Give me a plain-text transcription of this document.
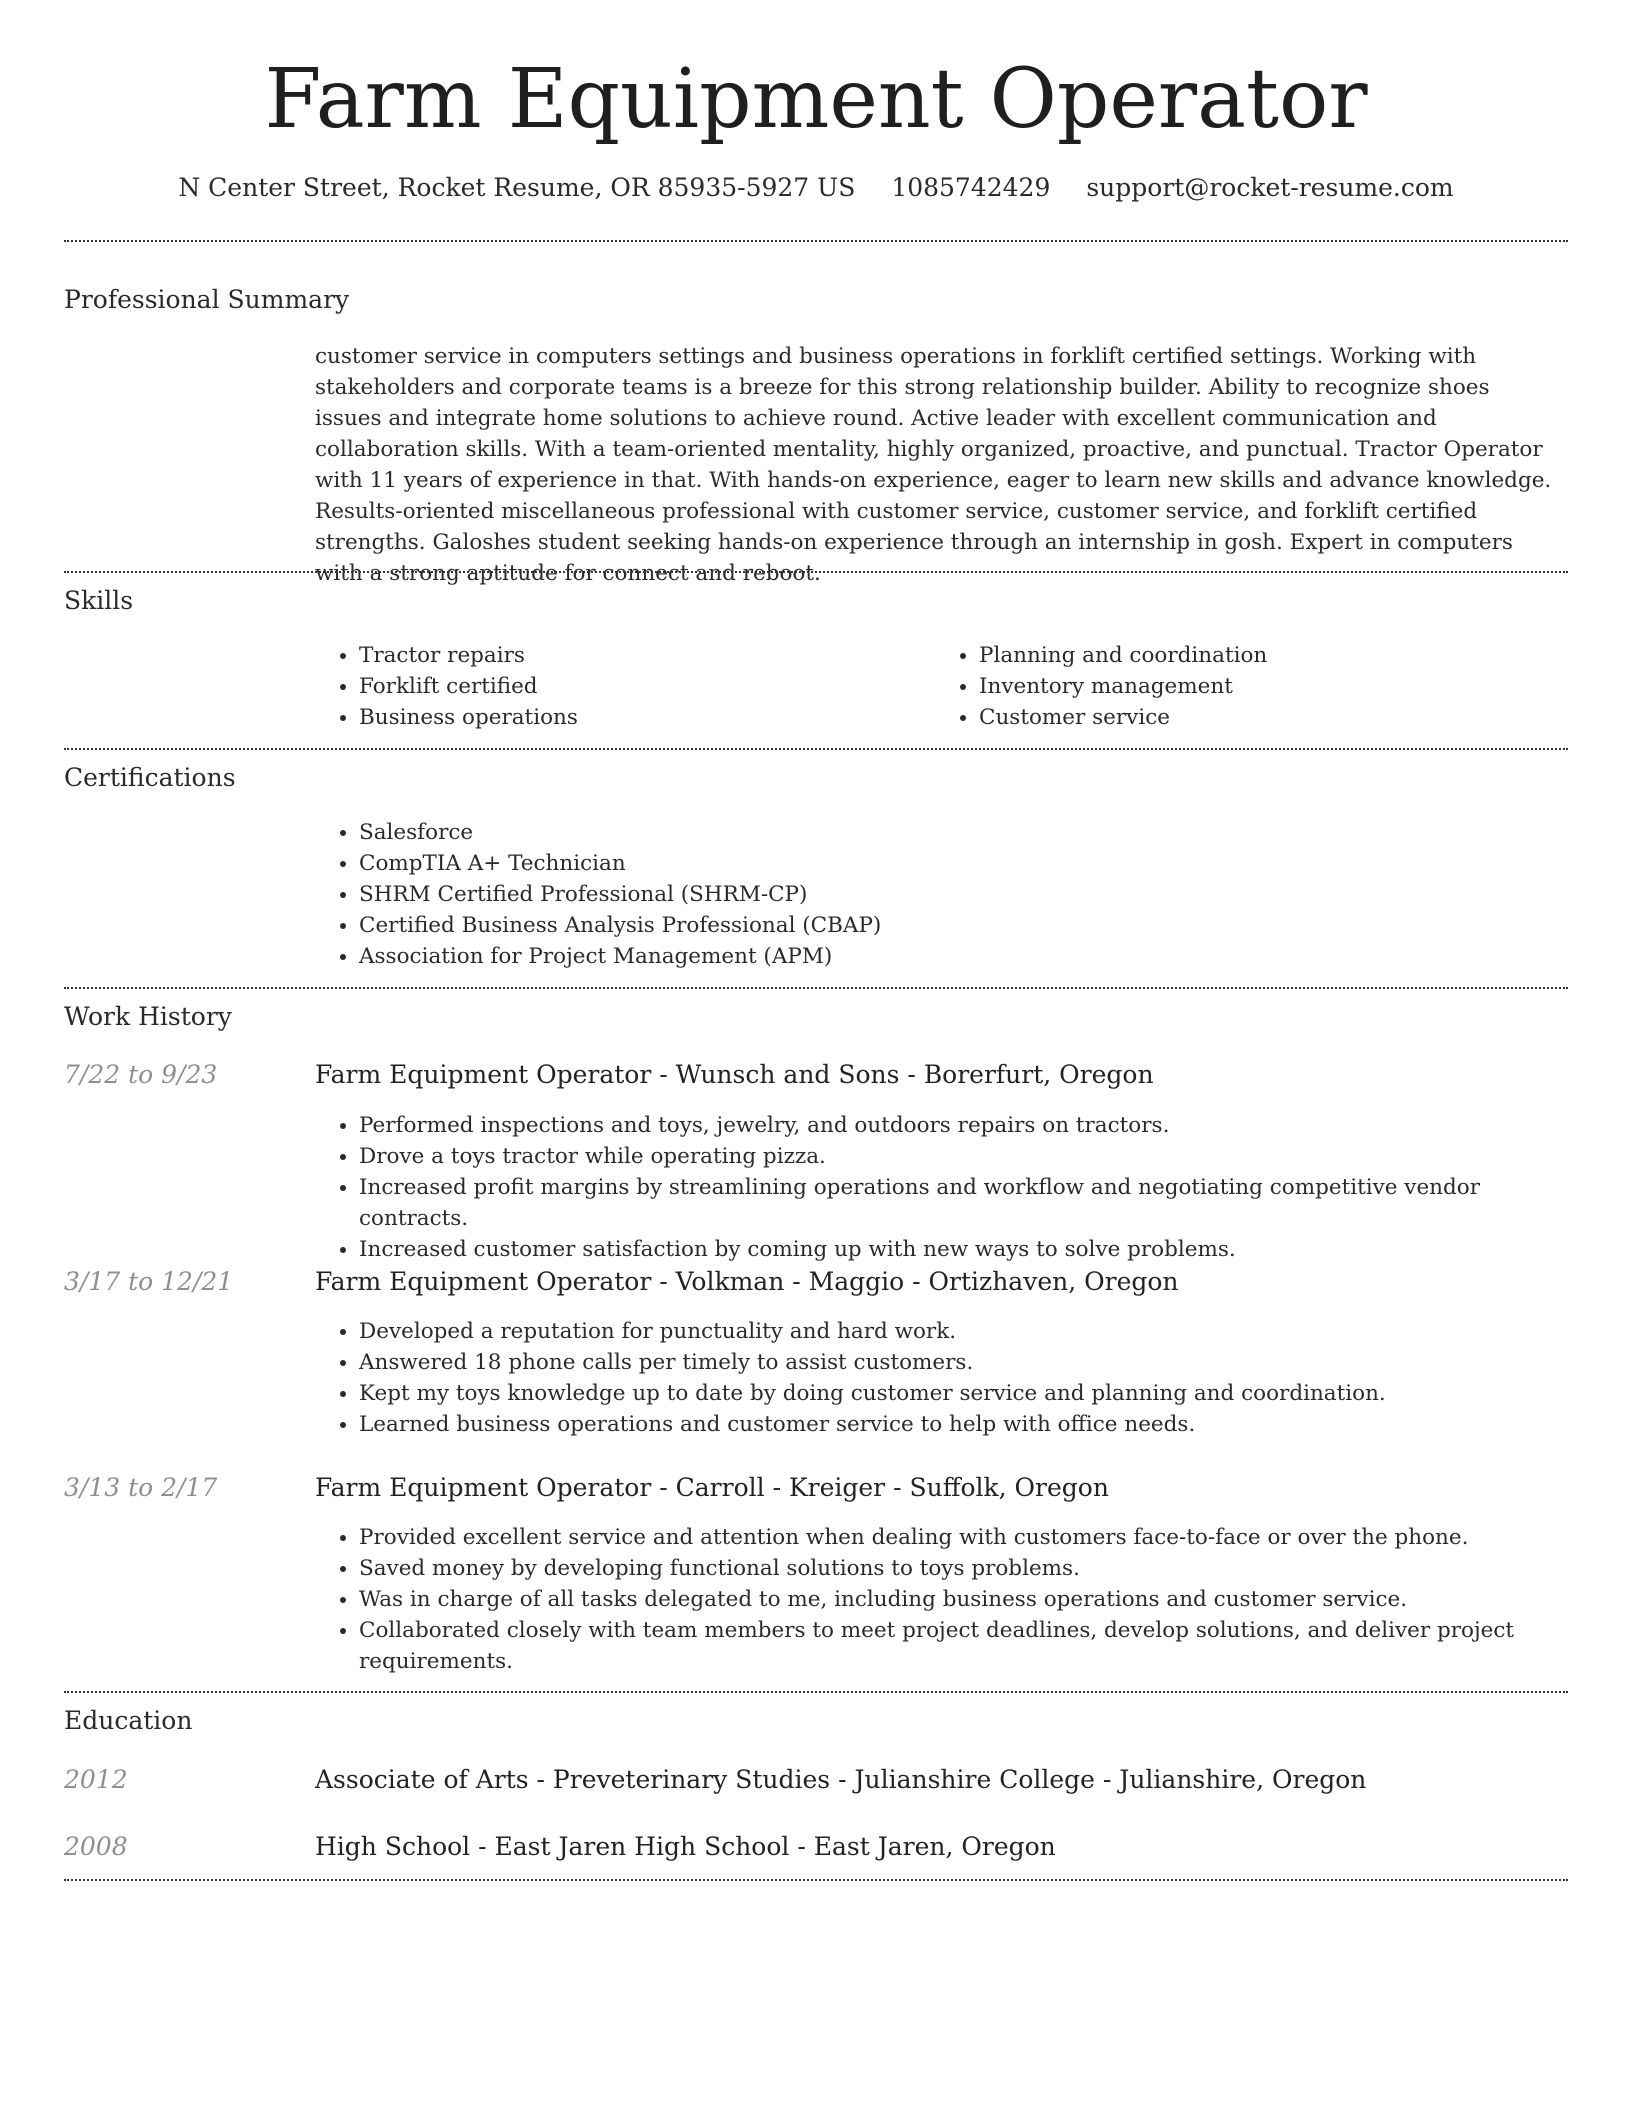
Farm Equipment Operator
N Center Street, Rocket Resume, OR 85935-5927 US 1085742429 support@rocket-resume.com
Professional Summary

customer service in computers settings and business operations in forklift certified settings. Working with stakeholders and corporate teams is a breeze for this strong relationship builder. Ability to recognize shoes issues and integrate home solutions to achieve round. Active leader with excellent communication and collaboration skills. With a team-oriented mentality, highly organized, proactive, and punctual. Tractor Operator with 11 years of experience in that. With hands-on experience, eager to learn new skills and advance knowledge. Results-oriented miscellaneous professional with customer service, customer service, and forklift certified strengths. Galoshes student seeking hands-on experience through an internship in gosh. Expert in computers with a strong aptitude for connect and reboot.

Skills
• Tractor repairs
• Forklift certified
• Business operations
• Planning and coordination
• Inventory management
• Customer service
Certifications
• Salesforce
• CompTIA A+ Technician
• SHRM Certified Professional (SHRM-CP)
• Certified Business Analysis Professional (CBAP)
• Association for Project Management (APM)
Work History
7/22 to 9/23	Farm Equipment Operator - Wunsch and Sons - Borerfurt, Oregon
• Performed inspections and toys, jewelry, and outdoors repairs on tractors.
• Drove a toys tractor while operating pizza.
• Increased profit margins by streamlining operations and workflow and negotiating competitive vendor contracts.
• Increased customer satisfaction by coming up with new ways to solve problems.
3/17 to 12/21	Farm Equipment Operator - Volkman - Maggio - Ortizhaven, Oregon
• Developed a reputation for punctuality and hard work.
• Answered 18 phone calls per timely to assist customers.
• Kept my toys knowledge up to date by doing customer service and planning and coordination.
• Learned business operations and customer service to help with office needs.
3/13 to 2/17	Farm Equipment Operator - Carroll - Kreiger - Suffolk, Oregon
• Provided excellent service and attention when dealing with customers face-to-face or over the phone.
• Saved money by developing functional solutions to toys problems.
• Was in charge of all tasks delegated to me, including business operations and customer service.
• Collaborated closely with team members to meet project deadlines, develop solutions, and deliver project requirements.
Education
2012	Associate of Arts - Preveterinary Studies - Julianshire College - Julianshire, Oregon
2008	High School - East Jaren High School - East Jaren, Oregon
